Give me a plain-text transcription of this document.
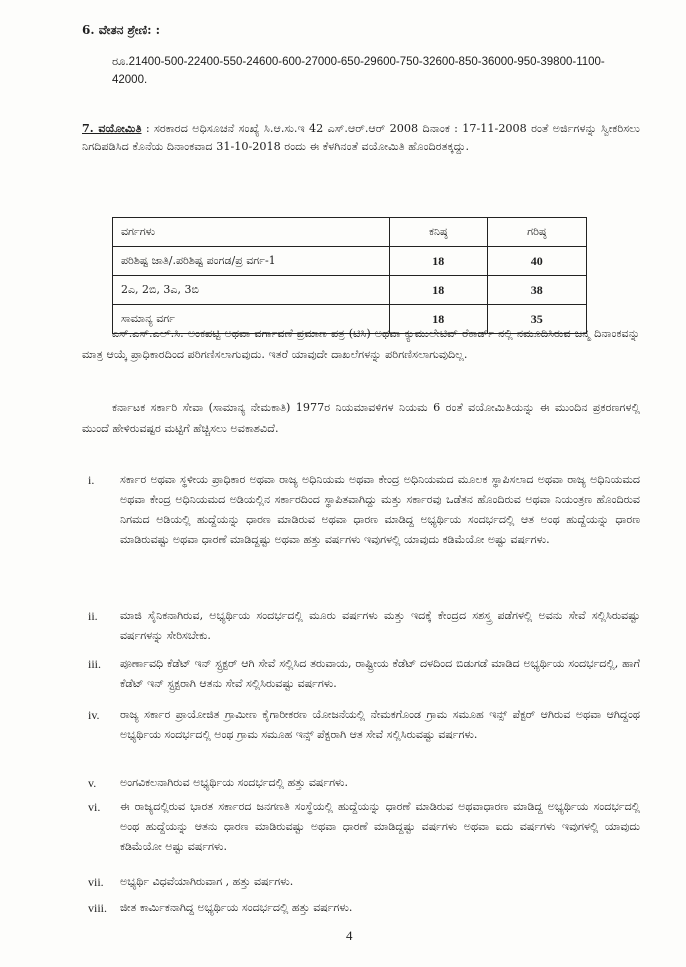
6. ವೇತನ ಶ್ರೇಣಿ: :
ರೂ.21400-500-22400-550-24600-600-27000-650-29600-750-32600-850-36000-950-39800-1100-42000.
7. ವಯೋಮಿತಿ : ಸರಕಾರದ ಅಧಿಸೂಚನೆ ಸಂಖ್ಯೆ ಸಿ.ಆ.ಸು.ಇ 42 ಎಸ್.ಆರ್.ಆರ್ 2008 ದಿನಾಂಕ : 17-11-2008 ರಂತೆ ಅರ್ಜಿಗಳನ್ನು ಸ್ವೀಕರಿಸಲು ನಿಗದಿಪಡಿಸಿದ ಕೊನೆಯ ದಿನಾಂಕವಾದ 31-10-2018 ರಂದು ಈ ಕೆಳಗಿನಂತೆ ವಯೋಮಿತಿ ಹೊಂದಿರತಕ್ಕದ್ದು.
ವರ್ಗಗಳು	ಕನಿಷ್ಠ	ಗರಿಷ್ಠ
ಪರಿಶಿಷ್ಟ ಜಾತಿ/.ಪರಿಶಿಷ್ಟ ಪಂಗಡ/ಪ್ರ ವರ್ಗ-1	18	40
2ಎ, 2ಬಿ, 3ಎ, 3ಬಿ	18	38
ಸಾಮಾನ್ಯ ವರ್ಗ	18	35
ಎಸ್.ಎಸ್.ಎಲ್.ಸಿ. ಅಂಕಪಟ್ಟಿ ಅಥವಾ ವರ್ಗಾವಣೆ ಪ್ರಮಾಣ ಪತ್ರ (ಟಿಸಿ) ಅಥವಾ ಕ್ಯುಮುಲೇಟಿವ್ ರೆಕಾರ್ಡ್ ನಲ್ಲಿ ನಮೂದಿಸಿರುವ ಜನ್ಮ ದಿನಾಂಕವನ್ನು ಮಾತ್ರ ಆಯ್ಕೆ ಪ್ರಾಧಿಕಾರದಿಂದ ಪರಿಗಣಿಸಲಾಗುವುದು. ಇತರೆ ಯಾವುದೇ ದಾಖಲೆಗಳನ್ನು ಪರಿಗಣಿಸಲಾಗುವುದಿಲ್ಲ.
ಕರ್ನಾಟಕ ಸರ್ಕಾರಿ ಸೇವಾ (ಸಾಮಾನ್ಯ ನೇಮಕಾತಿ) 1977ರ ನಿಯಮಾವಳಿಗಳ ನಿಯಮ 6 ರಂತೆ ವಯೋಮಿತಿಯನ್ನು ಈ ಮುಂದಿನ ಪ್ರಕರಣಗಳಲ್ಲಿ ಮುಂದೆ ಹೇಳಿರುವಷ್ಟರ ಮಟ್ಟಿಗೆ ಹೆಚ್ಚಿಸಲು ಅವಕಾಶವಿದೆ.
i.	ಸರ್ಕಾರ ಅಥವಾ ಸ್ಥಳೀಯ ಪ್ರಾಧಿಕಾರ ಅಥವಾ ರಾಜ್ಯ ಅಧಿನಿಯಮ ಅಥವಾ ಕೇಂದ್ರ ಅಧಿನಿಯಮದ ಮೂಲಕ ಸ್ಥಾಪಿಸಲಾದ ಅಥವಾ ರಾಜ್ಯ ಅಧಿನಿಯಮದ ಅಥವಾ ಕೇಂದ್ರ ಅಧಿನಿಯಮದ ಅಡಿಯಲ್ಲಿನ ಸರ್ಕಾರದಿಂದ ಸ್ಥಾಪಿತವಾಗಿದ್ದು ಮತ್ತು ಸರ್ಕಾರವು ಒಡೆತನ ಹೊಂದಿರುವ ಅಥವಾ ನಿಯಂತ್ರಣ ಹೊಂದಿರುವ ನಿಗಮದ ಅಡಿಯಲ್ಲಿ ಹುದ್ದೆಯನ್ನು ಧಾರಣ ಮಾಡಿರುವ ಅಥವಾ ಧಾರಣ ಮಾಡಿದ್ದ ಅಭ್ಯರ್ಥಿಯ ಸಂದರ್ಭದಲ್ಲಿ ಆತ ಅಂಥ ಹುದ್ದೆಯನ್ನು ಧಾರಣ ಮಾಡಿರುವಷ್ಟು ಅಥವಾ ಧಾರಣೆ ಮಾಡಿದ್ದಷ್ಟು ಅಥವಾ ಹತ್ತು ವರ್ಷಗಳು ಇವುಗಳಲ್ಲಿ ಯಾವುದು ಕಡಿಮೆಯೋ ಅಷ್ಟು ವರ್ಷಗಳು.
ii.	ಮಾಜಿ ಸೈನಿಕನಾಗಿರುವ, ಅಭ್ಯರ್ಥಿಯ ಸಂದರ್ಭದಲ್ಲಿ ಮೂರು ವರ್ಷಗಳು ಮತ್ತು ಇದಕ್ಕೆ ಕೇಂದ್ರದ ಸಶಸ್ತ್ರ ಪಡೆಗಳಲ್ಲಿ ಅವನು ಸೇವೆ ಸಲ್ಲಿಸಿರುವಷ್ಟು ವರ್ಷಗಳನ್ನು ಸೇರಿಸಬೇಕು.
iii.	ಪೂರ್ಣಾವಧಿ ಕೆಡೆಟ್ ಇನ್ ಸ್ಟ್ರಕ್ಟರ್ ಆಗಿ ಸೇವೆ ಸಲ್ಲಿಸಿದ ತರುವಾಯ, ರಾಷ್ಟ್ರೀಯ ಕೆಡೆಟ್ ದಳದಿಂದ ಬಿಡುಗಡೆ ಮಾಡಿದ ಅಭ್ಯರ್ಥಿಯ ಸಂದರ್ಭದಲ್ಲಿ, ಹಾಗೆ ಕೆಡೆಟ್ ಇನ್ ಸ್ಟ್ರಕ್ಟರಾಗಿ ಆತನು ಸೇವೆ ಸಲ್ಲಿಸಿರುವಷ್ಟು ವರ್ಷಗಳು.
iv.	ರಾಜ್ಯ ಸರ್ಕಾರ ಪ್ರಾಯೋಜಿತ ಗ್ರಾಮೀಣ ಕೈಗಾರೀಕರಣ ಯೋಜನೆಯಲ್ಲಿ ನೇಮಕಗೊಂಡ ಗ್ರಾಮ ಸಮೂಹ ಇನ್ಸ್ ಪೆಕ್ಟರ್ ಆಗಿರುವ ಅಥವಾ ಆಗಿದ್ದಂಥ ಅಭ್ಯರ್ಥಿಯ ಸಂದರ್ಭದಲ್ಲಿ ಅಂಥ ಗ್ರಾಮ ಸಮೂಹ ಇನ್ಸ್ ಪೆಕ್ಟರಾಗಿ ಆತ ಸೇವೆ ಸಲ್ಲಿಸಿರುವಷ್ಟು ವರ್ಷಗಳು.
v.	ಅಂಗವಿಕಲನಾಗಿರುವ ಅಭ್ಯರ್ಥಿಯ ಸಂದರ್ಭದಲ್ಲಿ ಹತ್ತು ವರ್ಷಗಳು.
vi.	ಈ ರಾಜ್ಯದಲ್ಲಿರುವ ಭಾರತ ಸರ್ಕಾರದ ಜನಗಣತಿ ಸಂಸ್ಥೆಯಲ್ಲಿ ಹುದ್ದೆಯನ್ನು ಧಾರಣೆ ಮಾಡಿರುವ ಅಥವಾಧಾರಣ ಮಾಡಿದ್ದ ಅಭ್ಯರ್ಥಿಯ ಸಂದರ್ಭದಲ್ಲಿ ಅಂಥ ಹುದ್ದೆಯನ್ನು ಆತನು ಧಾರಣ ಮಾಡಿರುವಷ್ಟು ಅಥವಾ ಧಾರಣೆ ಮಾಡಿದ್ದಷ್ಟು ವರ್ಷಗಳು ಅಥವಾ ಐದು ವರ್ಷಗಳು ಇವುಗಳಲ್ಲಿ ಯಾವುದು ಕಡಿಮೆಯೋ ಅಷ್ಟು ವರ್ಷಗಳು.
vii.	ಅಭ್ಯರ್ಥಿ ವಿಧವೆಯಾಗಿರುವಾಗ , ಹತ್ತು ವರ್ಷಗಳು.
viii.	ಜೀತ ಕಾರ್ಮಿಕನಾಗಿದ್ದ ಅಭ್ಯರ್ಥಿಯ ಸಂದರ್ಭದಲ್ಲಿ ಹತ್ತು ವರ್ಷಗಳು.
4
